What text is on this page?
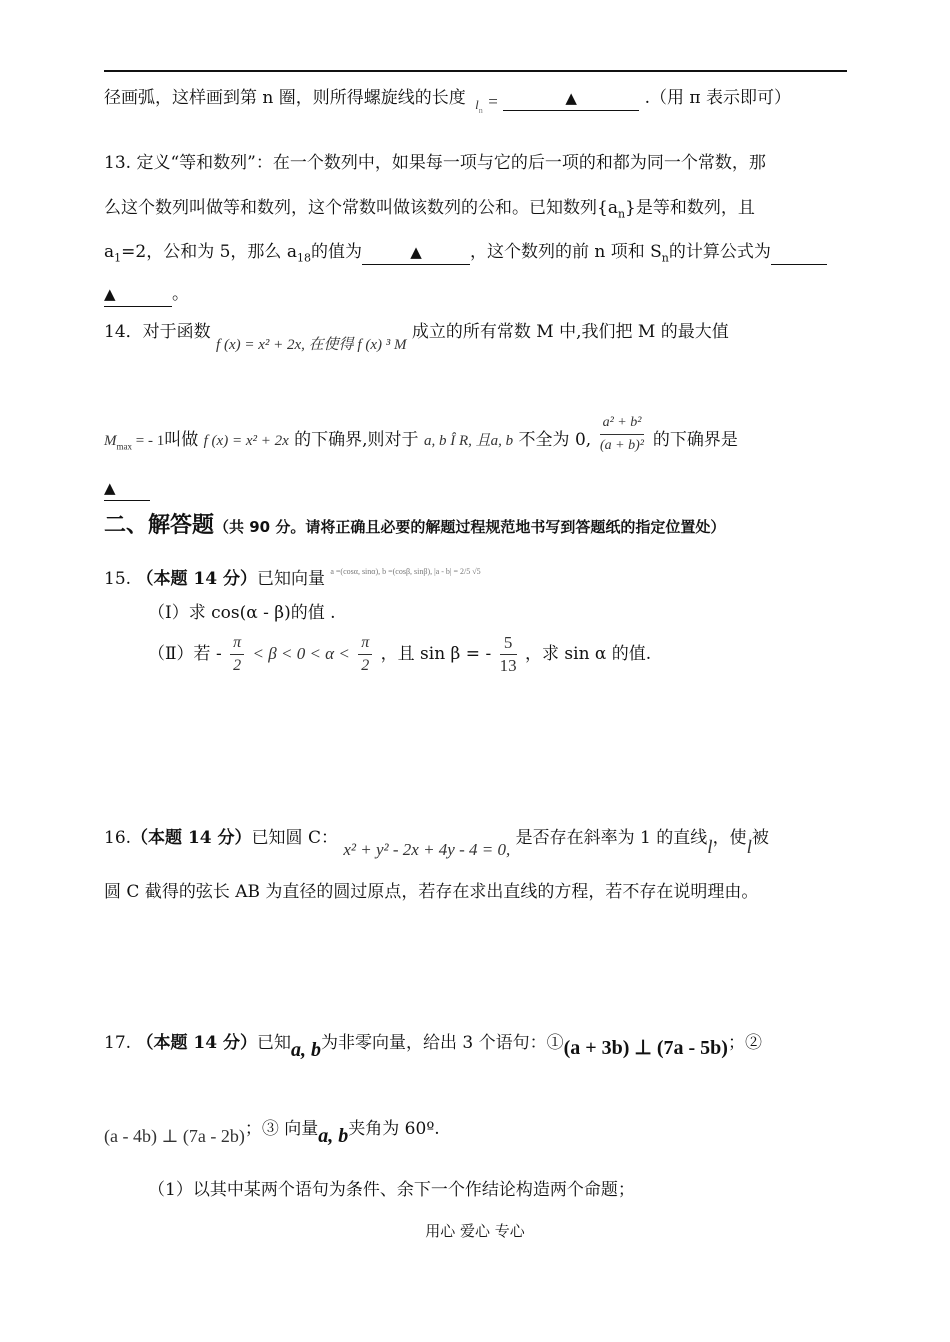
径画弧，这样画到第 n 圈，则所得螺旋线的长度 $_{ln}$ =	▲	.（用 π 表示即可）
13. 定义“等和数列”：在一个数列中，如果每一项与它的后一项的和都为同一个常数，那
么这个数列叫做等和数列，这个常数叫做该数列的公和。已知数列$\{a_n\}$是等和数列，且
$a_1=2$，公和为 5，那么 $a_{18}$的值为	▲	，这个数列的前 n 项和 $S_n$的计算公式为
▲	。
14．对于函数 f (x) = x² + 2x, 在使得 f (x) ³ M 成立的所有常数 M 中,我们把 M 的最大值
$M_{max}$ = - 1叫做 f (x) = x² + 2x 的下确界,则对于 a, b Î R, 且a, b 不全为 0, $\frac{\text{a² + b²}}{\text{(a + b)²}}$ 的下确界是
▲
二、解答题（共 90 分。请将正确且必要的解题过程规范地书写到答题纸的指定位置处）
15. （本题 14 分）已知向量 $^{a =(cos\alpha, sin\alpha), b =(cos\beta, sin\beta), |a - b| = 2/5 √5}$
（Ⅰ）求 cos(α - β)的值 .
（Ⅱ）若 - $\frac{\pi}{2} < \beta < 0 < \alpha < \frac{\pi}{2}$ ，且 sin β = - $\frac{5}{13}$ ，求 sin α 的值.
16.（本题 14 分）已知圆 C： x² + y² - 2x + 4y - 4 = 0, 是否存在斜率为 1 的直线l，使l被
圆 C 截得的弦长 AB 为直径的圆过原点，若存在求出直线的方程，若不存在说明理由。
17. （本题 14 分）已知a, b为非零向量，给出 3 个语句：①(a + 3b) ⊥ (7a - 5b)；②
(a - 4b) ⊥ (7a - 2b)；③ 向量a, b夹角为 60º.
（1）以其中某两个语句为条件、余下一个作结论构造两个命题；
用心 爱心 专心
